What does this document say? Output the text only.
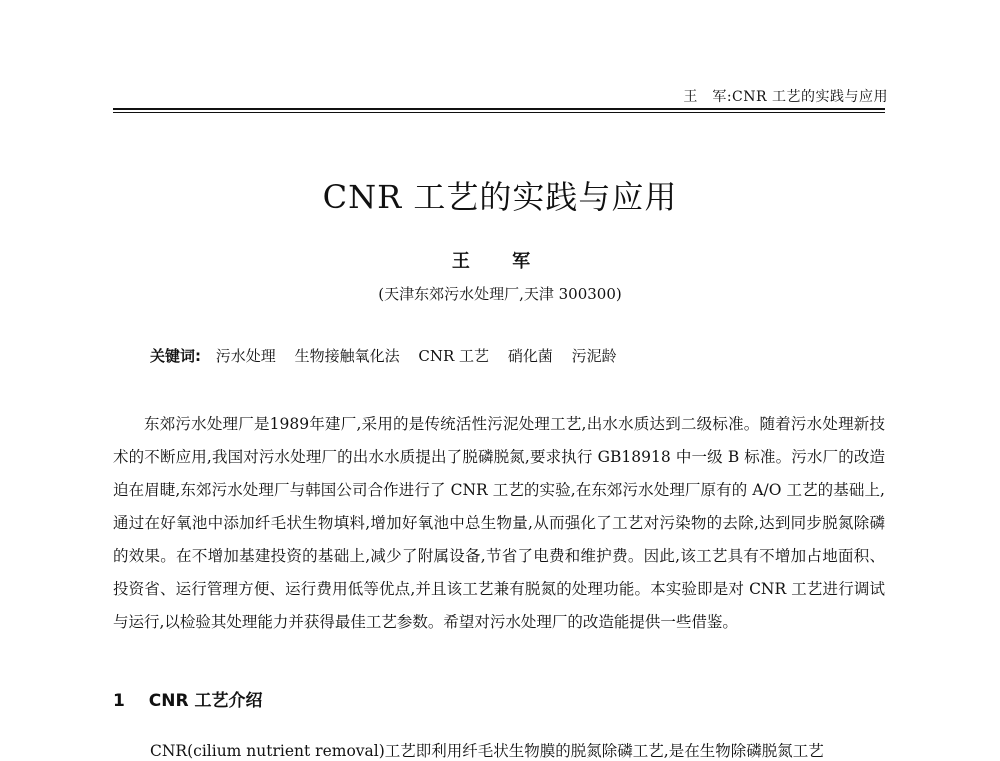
王　军:CNR 工艺的实践与应用
CNR 工艺的实践与应用
王 军
(天津东郊污水处理厂,天津 300300)
关键词: 污水处理 生物接触氧化法 CNR 工艺 硝化菌 污泥龄

东郊污水处理厂是1989年建厂,采用的是传统活性污泥处理工艺,出水水质达到二级标准。随着污水处理新技术的不断应用,我国对污水处理厂的出水水质提出了脱磷脱氮,要求执行 GB18918 中一级 B 标准。污水厂的改造迫在眉睫,东郊污水处理厂与韩国公司合作进行了 CNR 工艺的实验,在东郊污水处理厂原有的 A/O 工艺的基础上,通过在好氧池中添加纤毛状生物填料,增加好氧池中总生物量,从而强化了工艺对污染物的去除,达到同步脱氮除磷的效果。在不增加基建投资的基础上,减少了附属设备,节省了电费和维护费。因此,该工艺具有不增加占地面积、投资省、运行管理方便、运行费用低等优点,并且该工艺兼有脱氮的处理功能。本实验即是对 CNR 工艺进行调试与运行,以检验其处理能力并获得最佳工艺参数。希望对污水处理厂的改造能提供一些借鉴。

1 CNR 工艺介绍
CNR(cilium nutrient removal)工艺即利用纤毛状生物膜的脱氮除磷工艺,是在生物除磷脱氮工艺
